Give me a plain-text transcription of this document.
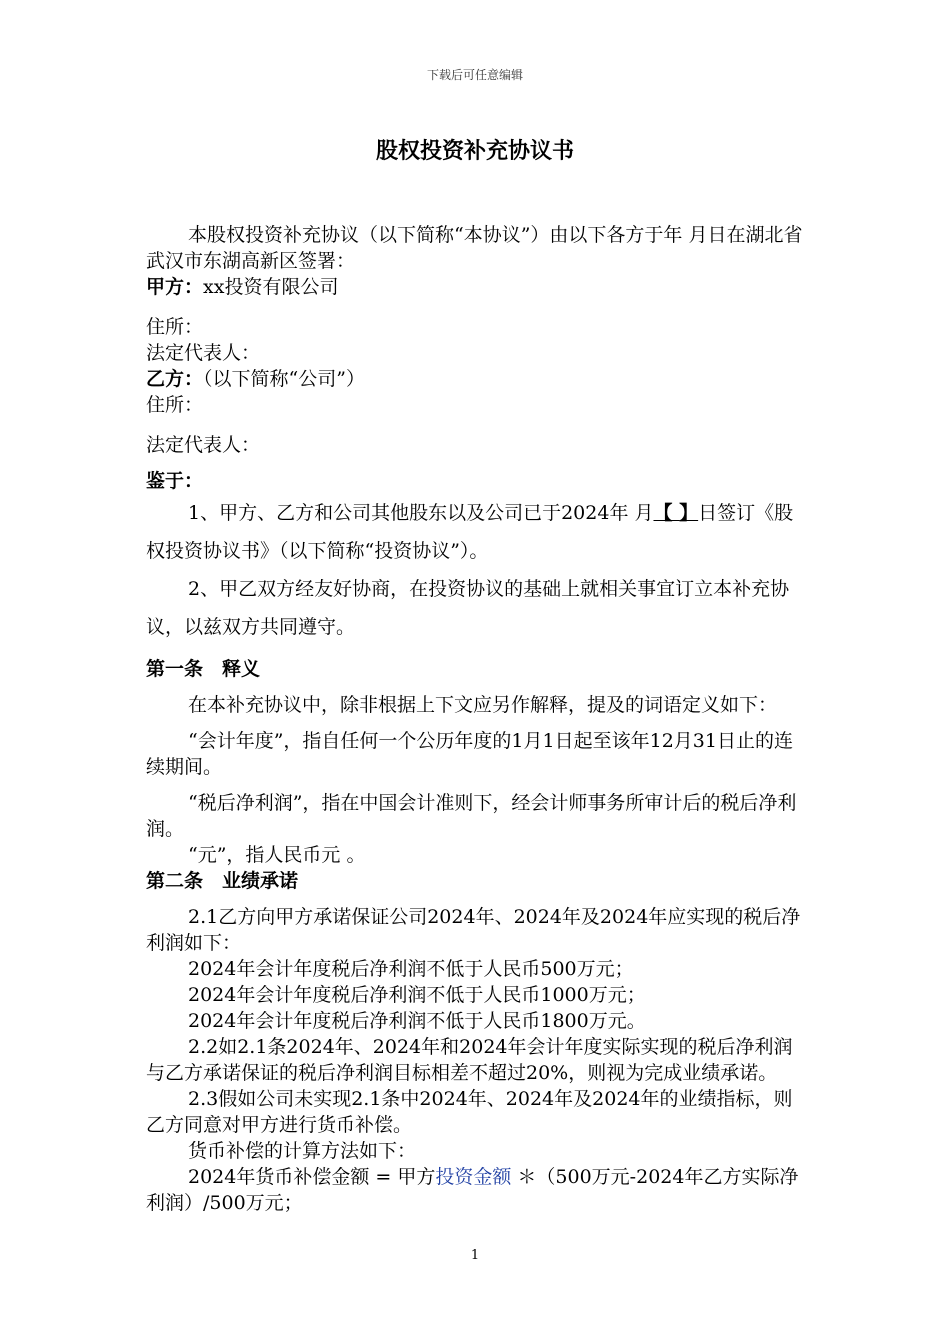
下载后可任意编辑
股权投资补充协议书

本股权投资补充协议（以下简称“本协议”）由以下各方于年 月日在湖北省武汉市东湖高新区签署：

甲方：xx投资有限公司

住所：

法定代表人：

乙方：（以下简称“公司”）

住所：

法定代表人：

鉴于：

1、甲方、乙方和公司其他股东以及公司已于2024年 月【 】日签订《股权投资协议书》（以下简称“投资协议”）。

2、甲乙双方经友好协商，在投资协议的基础上就相关事宜订立本补充协议，以兹双方共同遵守。

第一条　释义

在本补充协议中，除非根据上下文应另作解释，提及的词语定义如下：

“会计年度”，指自任何一个公历年度的1月1日起至该年12月31日止的连续期间。

“税后净利润”，指在中国会计准则下，经会计师事务所审计后的税后净利润。

“元”，指人民币元 。

第二条　业绩承诺

2.1乙方向甲方承诺保证公司2024年、2024年及2024年应实现的税后净利润如下：

2024年会计年度税后净利润不低于人民币500万元；

2024年会计年度税后净利润不低于人民币1000万元；

2024年会计年度税后净利润不低于人民币1800万元。

2.2如2.1条2024年、2024年和2024年会计年度实际实现的税后净利润与乙方承诺保证的税后净利润目标相差不超过20%，则视为完成业绩承诺。

2.3假如公司未实现2.1条中2024年、2024年及2024年的业绩指标，则乙方同意对甲方进行货币补偿。

货币补偿的计算方法如下：

2024年货币补偿金额 = 甲方投资金额 ＊（500万元-2024年乙方实际净利润）/500万元；

1
